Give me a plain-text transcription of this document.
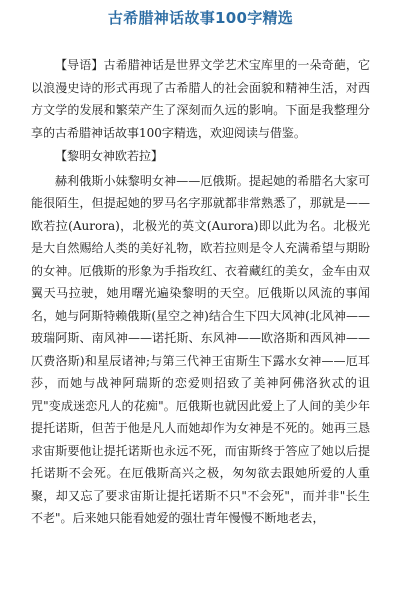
古希腊神话故事100字精选

【导语】古希腊神话是世界文学艺术宝库里的一朵奇葩，它以浪漫史诗的形式再现了古希腊人的社会面貌和精神生活，对西方文学的发展和繁荣产生了深刻而久远的影响。下面是我整理分享的古希腊神话故事100字精选，欢迎阅读与借鉴。

【黎明女神欧若拉】

赫利俄斯小妹黎明女神——厄俄斯。提起她的希腊名大家可能很陌生，但提起她的罗马名字那就都非常熟悉了，那就是——欧若拉(Aurora)，北极光的英文(Aurora)即以此为名。北极光是大自然赐给人类的美好礼物，欧若拉则是令人充满希望与期盼的女神。厄俄斯的形象为手指玫红、衣着藏红的美女，金车由双翼天马拉驶，她用曙光遍染黎明的天空。厄俄斯以风流的事闻名，她与阿斯特赖俄斯(星空之神)结合生下四大风神(北风神——玻瑞阿斯、南风神——诺托斯、东风神——欧洛斯和西风神——仄费洛斯)和星辰诸神;与第三代神王宙斯生下露水女神——厄耳莎，而她与战神阿瑞斯的恋爱则招致了美神阿佛洛狄忒的诅咒"变成迷恋凡人的花痴"。厄俄斯也就因此爱上了人间的美少年提托诺斯，但苦于他是凡人而她却作为女神是不死的。她再三恳求宙斯要他让提托诺斯也永远不死，而宙斯终于答应了她以后提托诺斯不会死。在厄俄斯高兴之极，匆匆欲去跟她所爱的人重聚，却又忘了要求宙斯让提托诺斯不只"不会死"，而并非"长生不老"。后来她只能看她爱的强壮青年慢慢不断地老去，
